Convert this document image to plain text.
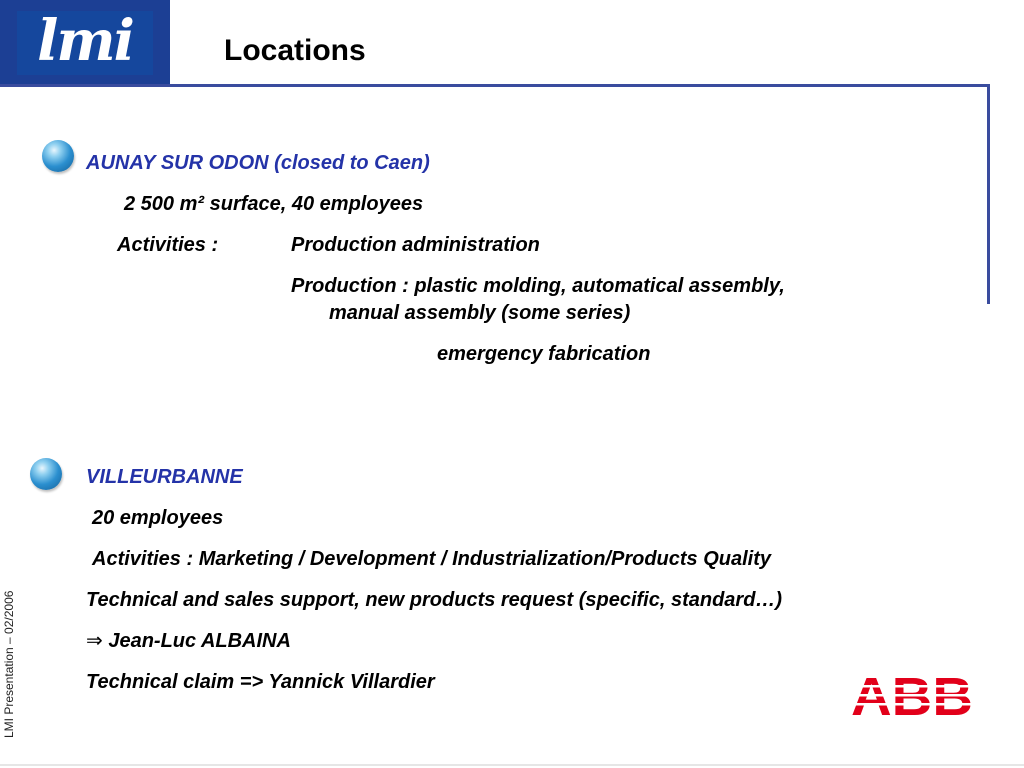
lmi	Locations

AUNAY SUR ODON (closed to Caen)

2 500 m² surface, 40 employees

Activities :	Production administration

Production : plastic molding, automatical assembly,

manual assembly (some series)

emergency fabrication

VILLEURBANNE

20 employees

Activities : Marketing / Development / Industrialization/Products Quality

Technical and sales support, new products request (specific, standard…)

⇒ Jean-Luc ALBAINA

Technical claim => Yannick Villardier

LMI Presentation – 02/2006
